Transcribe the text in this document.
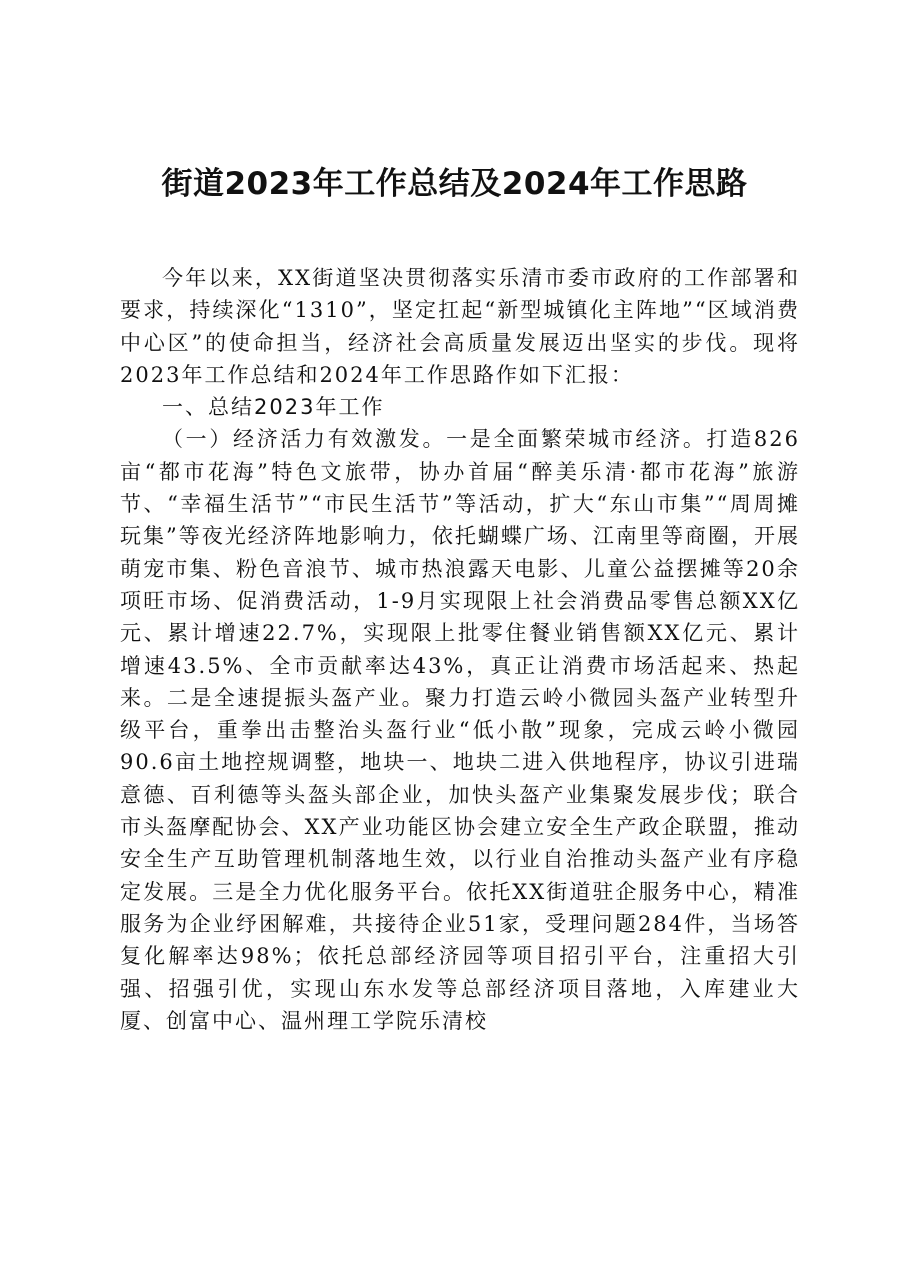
街道2023年工作总结及2024年工作思路

今年以来，XX街道坚决贯彻落实乐清市委市政府的工作部署和要求，持续深化“1310”，坚定扛起“新型城镇化主阵地”“区域消费中心区”的使命担当，经济社会高质量发展迈出坚实的步伐。现将2023年工作总结和2024年工作思路作如下汇报：

一、总结2023年工作

（一）经济活力有效激发。一是全面繁荣城市经济。打造826亩“都市花海”特色文旅带，协办首届“醉美乐清·都市花海”旅游节、“幸福生活节”“市民生活节”等活动，扩大“东山市集”“周周摊玩集”等夜光经济阵地影响力，依托蝴蝶广场、江南里等商圈，开展萌宠市集、粉色音浪节、城市热浪露天电影、儿童公益摆摊等20余项旺市场、促消费活动，1-9月实现限上社会消费品零售总额XX亿元、累计增速22.7%，实现限上批零住餐业销售额XX亿元、累计增速43.5%、全市贡献率达43%，真正让消费市场活起来、热起来。二是全速提振头盔产业。聚力打造云岭小微园头盔产业转型升级平台，重拳出击整治头盔行业“低小散”现象，完成云岭小微园90.6亩土地控规调整，地块一、地块二进入供地程序，协议引进瑞意德、百利德等头盔头部企业，加快头盔产业集聚发展步伐；联合市头盔摩配协会、XX产业功能区协会建立安全生产政企联盟，推动安全生产互助管理机制落地生效，以行业自治推动头盔产业有序稳定发展。三是全力优化服务平台。依托XX街道驻企服务中心，精准服务为企业纾困解难，共接待企业51家，受理问题284件，当场答复化解率达98%；依托总部经济园等项目招引平台，注重招大引强、招强引优，实现山东水发等总部经济项目落地，入库建业大厦、创富中心、温州理工学院乐清校
